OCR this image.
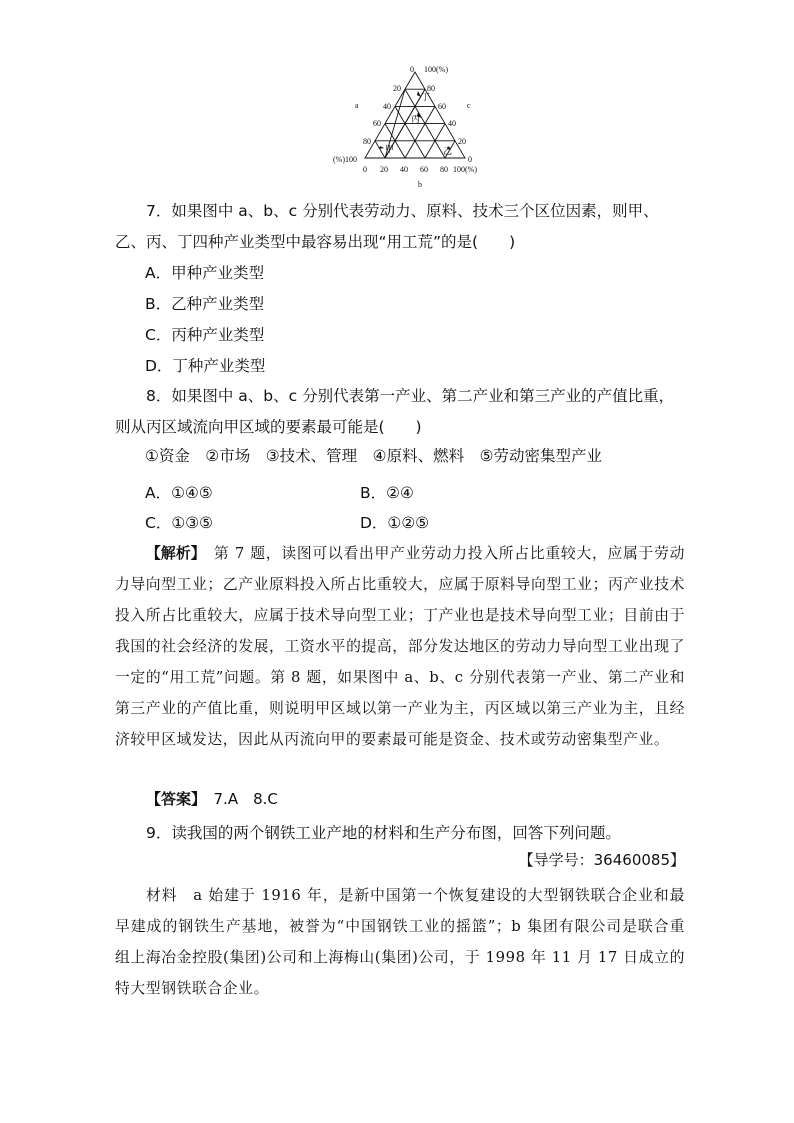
0 100(%)
a	c
b
20
40
60
80
(%)100
80
60
40
20
0
0 20 40 60 80 100(%)
丁
丙
甲	乙
7．如果图中 a、b、c 分别代表劳动力、原料、技术三个区位因素，则甲、乙、丙、丁四种产业类型中最容易出现“用工荒”的是(　　)
A．甲种产业类型
B．乙种产业类型
C．丙种产业类型
D．丁种产业类型
8．如果图中 a、b、c 分别代表第一产业、第二产业和第三产业的产值比重，则从丙区域流向甲区域的要素最可能是(　　)
①资金　②市场　③技术、管理　④原料、燃料　⑤劳动密集型产业
A．①④⑤	B．②④
C．①③⑤	D．①②⑤
【解析】　第 7 题，读图可以看出甲产业劳动力投入所占比重较大，应属于劳动力导向型工业；乙产业原料投入所占比重较大，应属于原料导向型工业；丙产业技术投入所占比重较大，应属于技术导向型工业；丁产业也是技术导向型工业；目前由于我国的社会经济的发展，工资水平的提高，部分发达地区的劳动力导向型工业出现了一定的“用工荒”问题。第 8 题，如果图中 a、b、c 分别代表第一产业、第二产业和第三产业的产值比重，则说明甲区域以第一产业为主，丙区域以第三产业为主，且经济较甲区域发达，因此从丙流向甲的要素最可能是资金、技术或劳动密集型产业。
【答案】　7.A　8.C
9．读我国的两个钢铁工业产地的材料和生产分布图，回答下列问题。
【导学号：36460085】
材料　a 始建于 1916 年，是新中国第一个恢复建设的大型钢铁联合企业和最早建成的钢铁生产基地，被誉为“中国钢铁工业的摇篮”；b 集团有限公司是联合重组上海冶金控股(集团)公司和上海梅山(集团)公司，于 1998 年 11 月 17 日成立的特大型钢铁联合企业。
